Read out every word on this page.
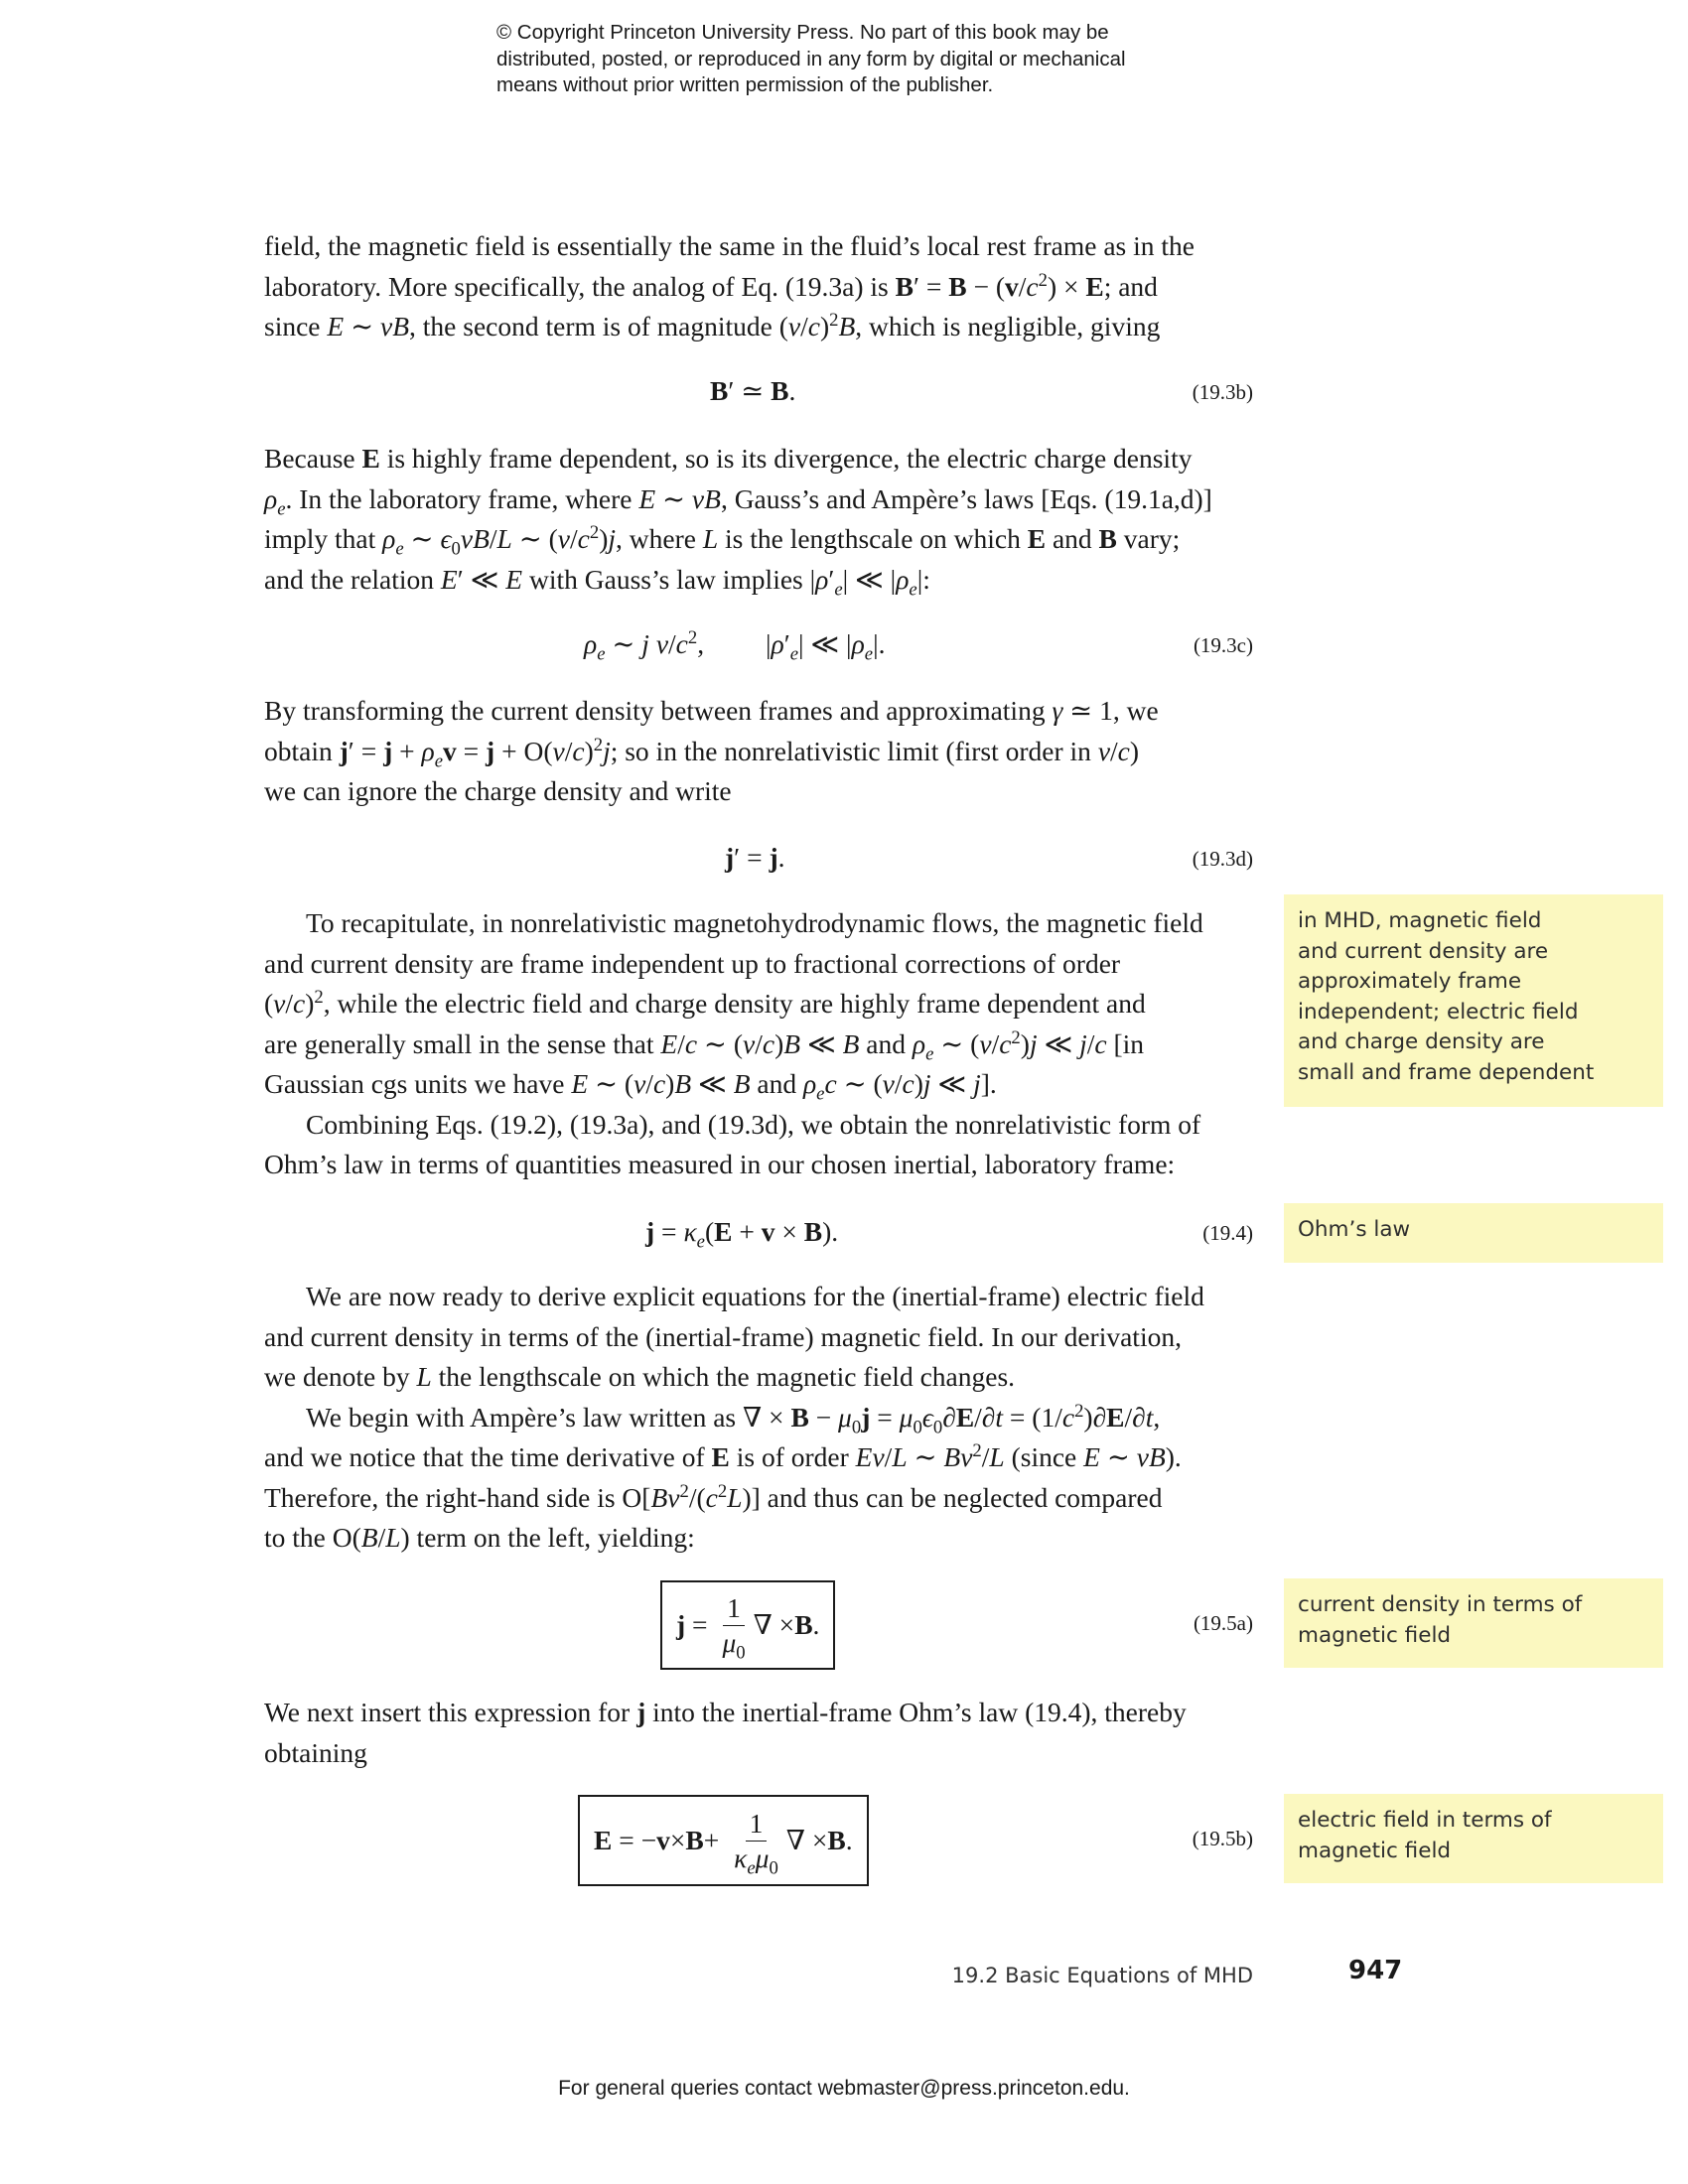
© Copyright Princeton University Press. No part of this book may be
distributed, posted, or reproduced in any form by digital or mechanical
means without prior written permission of the publisher.
field, the magnetic field is essentially the same in the fluid’s local rest frame as in the
laboratory. More specifically, the analog of Eq. (19.3a) is $B' = B - (v/c^2) \times E$; and
since E ∼ vB, the second term is of magnitude $(v/c)^2B$, which is negligible, giving
B′ ≃ B.	(19.3b)
Because E is highly frame dependent, so is its divergence, the electric charge density
$\rho_e$. In the laboratory frame, where E ∼ vB, Gauss’s and Ampère’s laws [Eqs. (19.1a,d)]
imply that $\rho_e$ ∼ $\epsilon_0vB/L$ ∼ $(v/c^2)j$, where L is the lengthscale on which E and B vary;
and the relation E′ ≪ E with Gauss’s law implies $|\rho'_e|$ ≪ $|\rho_e|$:
$\rho_e$ ∼ j $v/c^2$,         $|\rho'_e|$ ≪ $|\rho_e|$.	(19.3c)
By transforming the current density between frames and approximating γ ≃ 1, we
obtain $j' = j + \rho_ev = j + O(v/c)^2j$; so in the nonrelativistic limit (first order in v/c)
we can ignore the charge density and write
j′ = j.	(19.3d)
in MHD, magnetic field
and current density are
approximately frame
independent; electric field
and charge density are
small and frame dependent
To recapitulate, in nonrelativistic magnetohydrodynamic flows, the magnetic field
and current density are frame independent up to fractional corrections of order
$(v/c)^2$, while the electric field and charge density are highly frame dependent and
are generally small in the sense that E/c ∼ (v/c)B ≪ B and $\rho_e$ ∼ $(v/c^2)j$ ≪ j/c [in
Gaussian cgs units we have E ∼ (v/c)B ≪ B and $\rho_ec$ ∼ (v/c)j ≪ j].
Combining Eqs. (19.2), (19.3a), and (19.3d), we obtain the nonrelativistic form of
Ohm’s law in terms of quantities measured in our chosen inertial, laboratory frame:
$j = \kappa_e(E + v \times B)$.	(19.4) Ohm’s law
We are now ready to derive explicit equations for the (inertial-frame) electric field
and current density in terms of the (inertial-frame) magnetic field. In our derivation,
we denote by L the lengthscale on which the magnetic field changes.
We begin with Ampère’s law written as ∇ × $B - \mu_0j = \mu_0\epsilon_0\partial E/\partial t = (1/c^2)\partial E/\partial t$,
and we notice that the time derivative of E is of order Ev/L ∼ Bv$^2$/L (since E ∼ vB).
Therefore, the right-hand side is $O[Bv^2/(c^2L)]$ and thus can be neglected compared
to the O(B/L) term on the left, yielding:
$j = \frac{1}{\mu_0}$ ∇ × B .	(19.5a)
current density in terms of
magnetic field
We next insert this expression for j into the inertial-frame Ohm’s law (19.4), thereby
obtaining
E = − $v \times B + \frac{1}{\kappa_e\mu_0}$ ∇ × B .	(19.5b)
electric field in terms of
magnetic field
19.2 Basic Equations of MHD	947
For general queries contact webmaster@press.princeton.edu.
